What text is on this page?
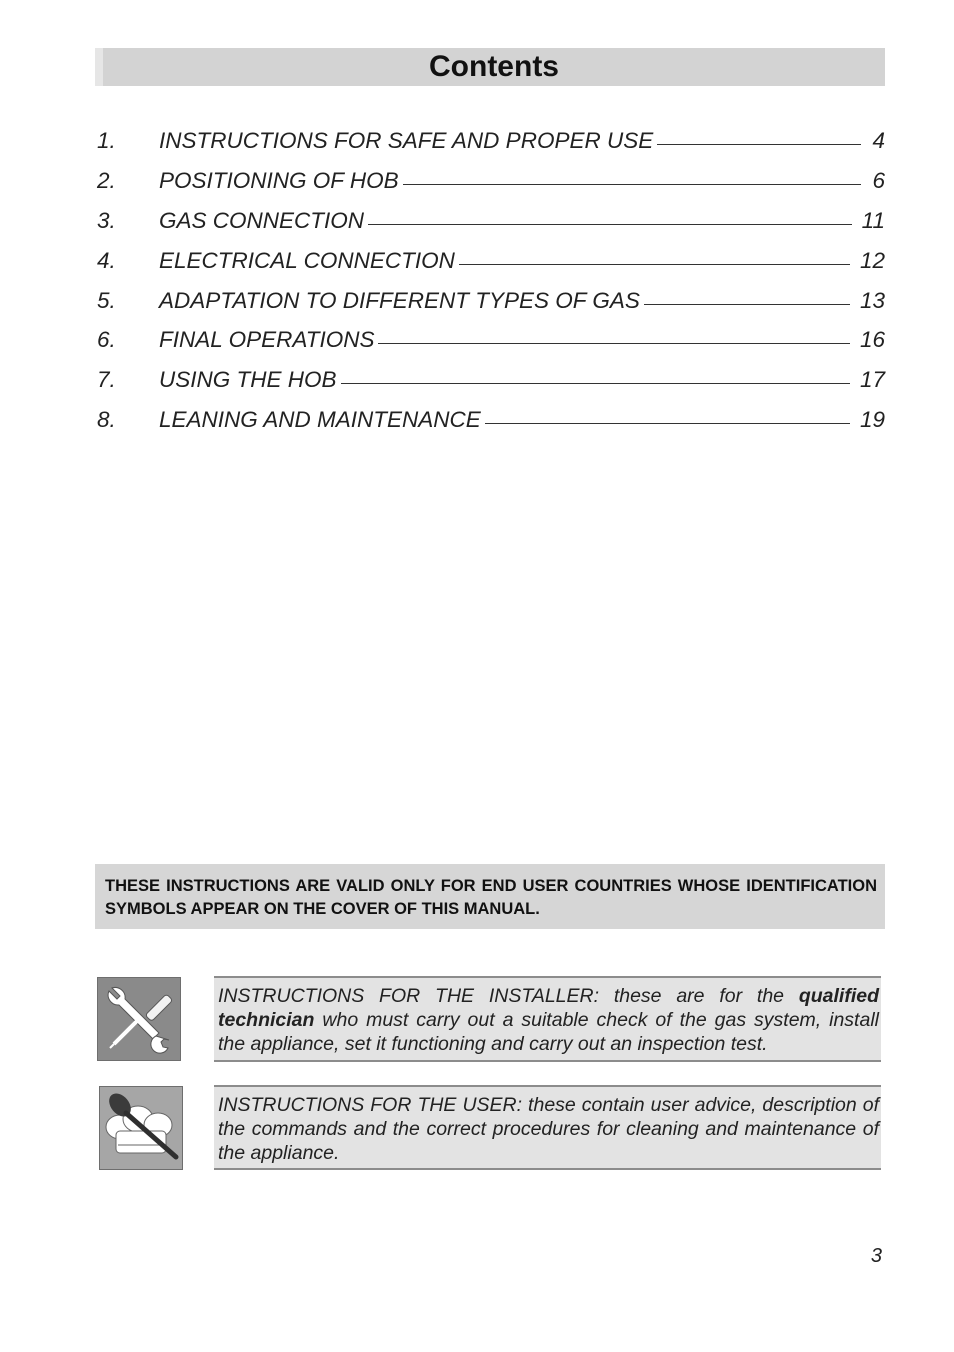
Contents
1.	INSTRUCTIONS FOR SAFE AND PROPER USE	4
2.	POSITIONING OF HOB	6
3.	GAS CONNECTION	11
4.	ELECTRICAL CONNECTION	12
5.	ADAPTATION TO DIFFERENT TYPES OF GAS	13
6.	FINAL OPERATIONS	16
7.	USING THE HOB	17
8.	LEANING AND MAINTENANCE	19
THESE INSTRUCTIONS ARE VALID ONLY FOR END USER COUNTRIES WHOSE IDENTIFICATION SYMBOLS APPEAR ON THE COVER OF THIS MANUAL.
INSTRUCTIONS FOR THE INSTALLER: these are for the qualified technician who must carry out a suitable check of the gas system, install the appliance, set it functioning and carry out an inspection test.
INSTRUCTIONS FOR THE USER: these contain user advice, description of the commands and the correct procedures for cleaning and maintenance of the appliance.
3
